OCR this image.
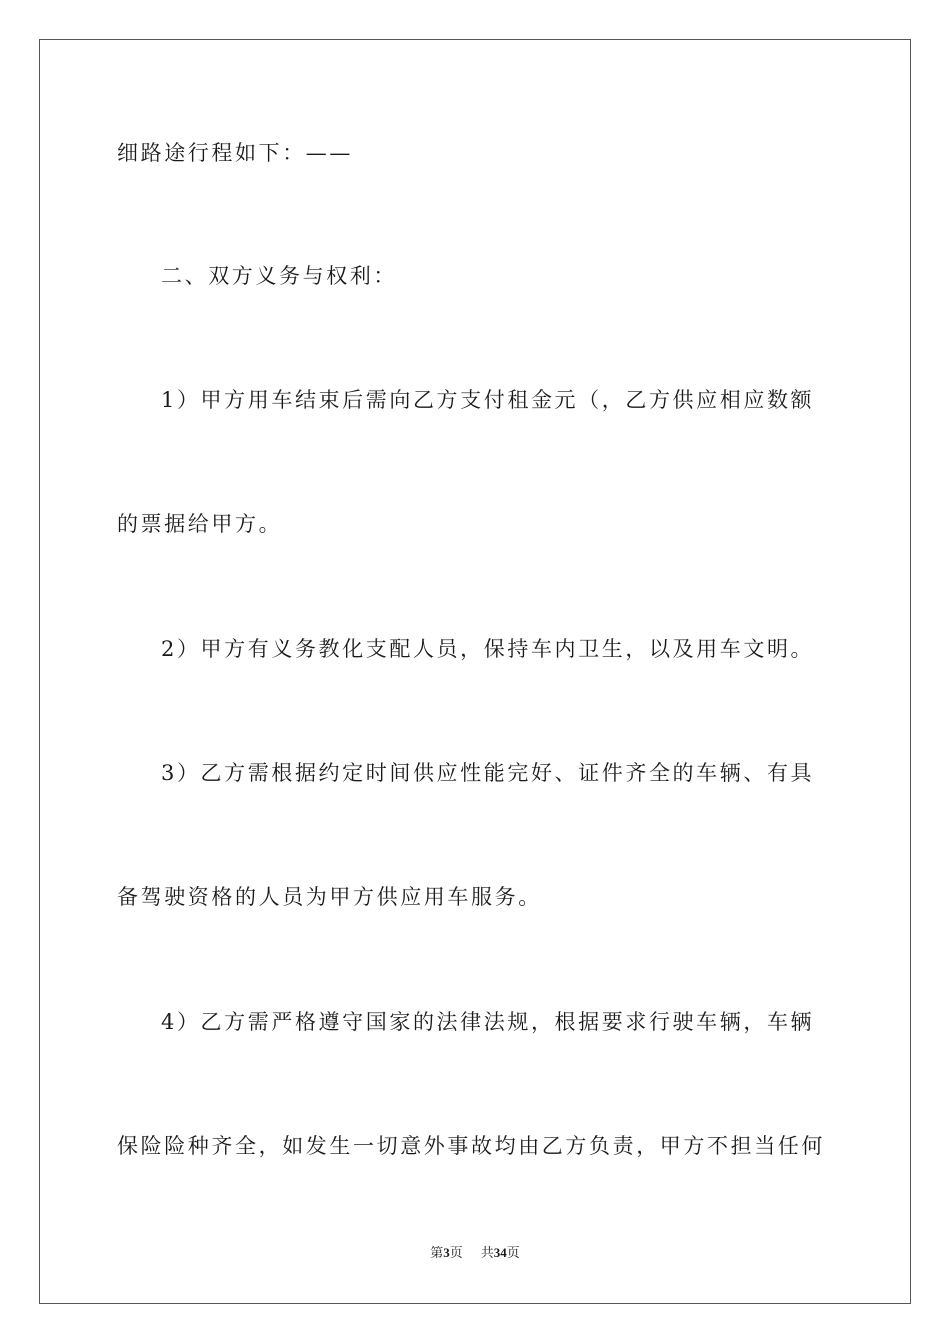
细路途行程如下：——
二、双方义务与权利：
1）甲方用车结束后需向乙方支付租金元（，乙方供应相应数额
的票据给甲方。
2）甲方有义务教化支配人员，保持车内卫生，以及用车文明。
3）乙方需根据约定时间供应性能完好、证件齐全的车辆、有具
备驾驶资格的人员为甲方供应用车服务。
4）乙方需严格遵守国家的法律法规，根据要求行驶车辆，车辆
保险险种齐全，如发生一切意外事故均由乙方负责，甲方不担当任何
第3页 共34页
